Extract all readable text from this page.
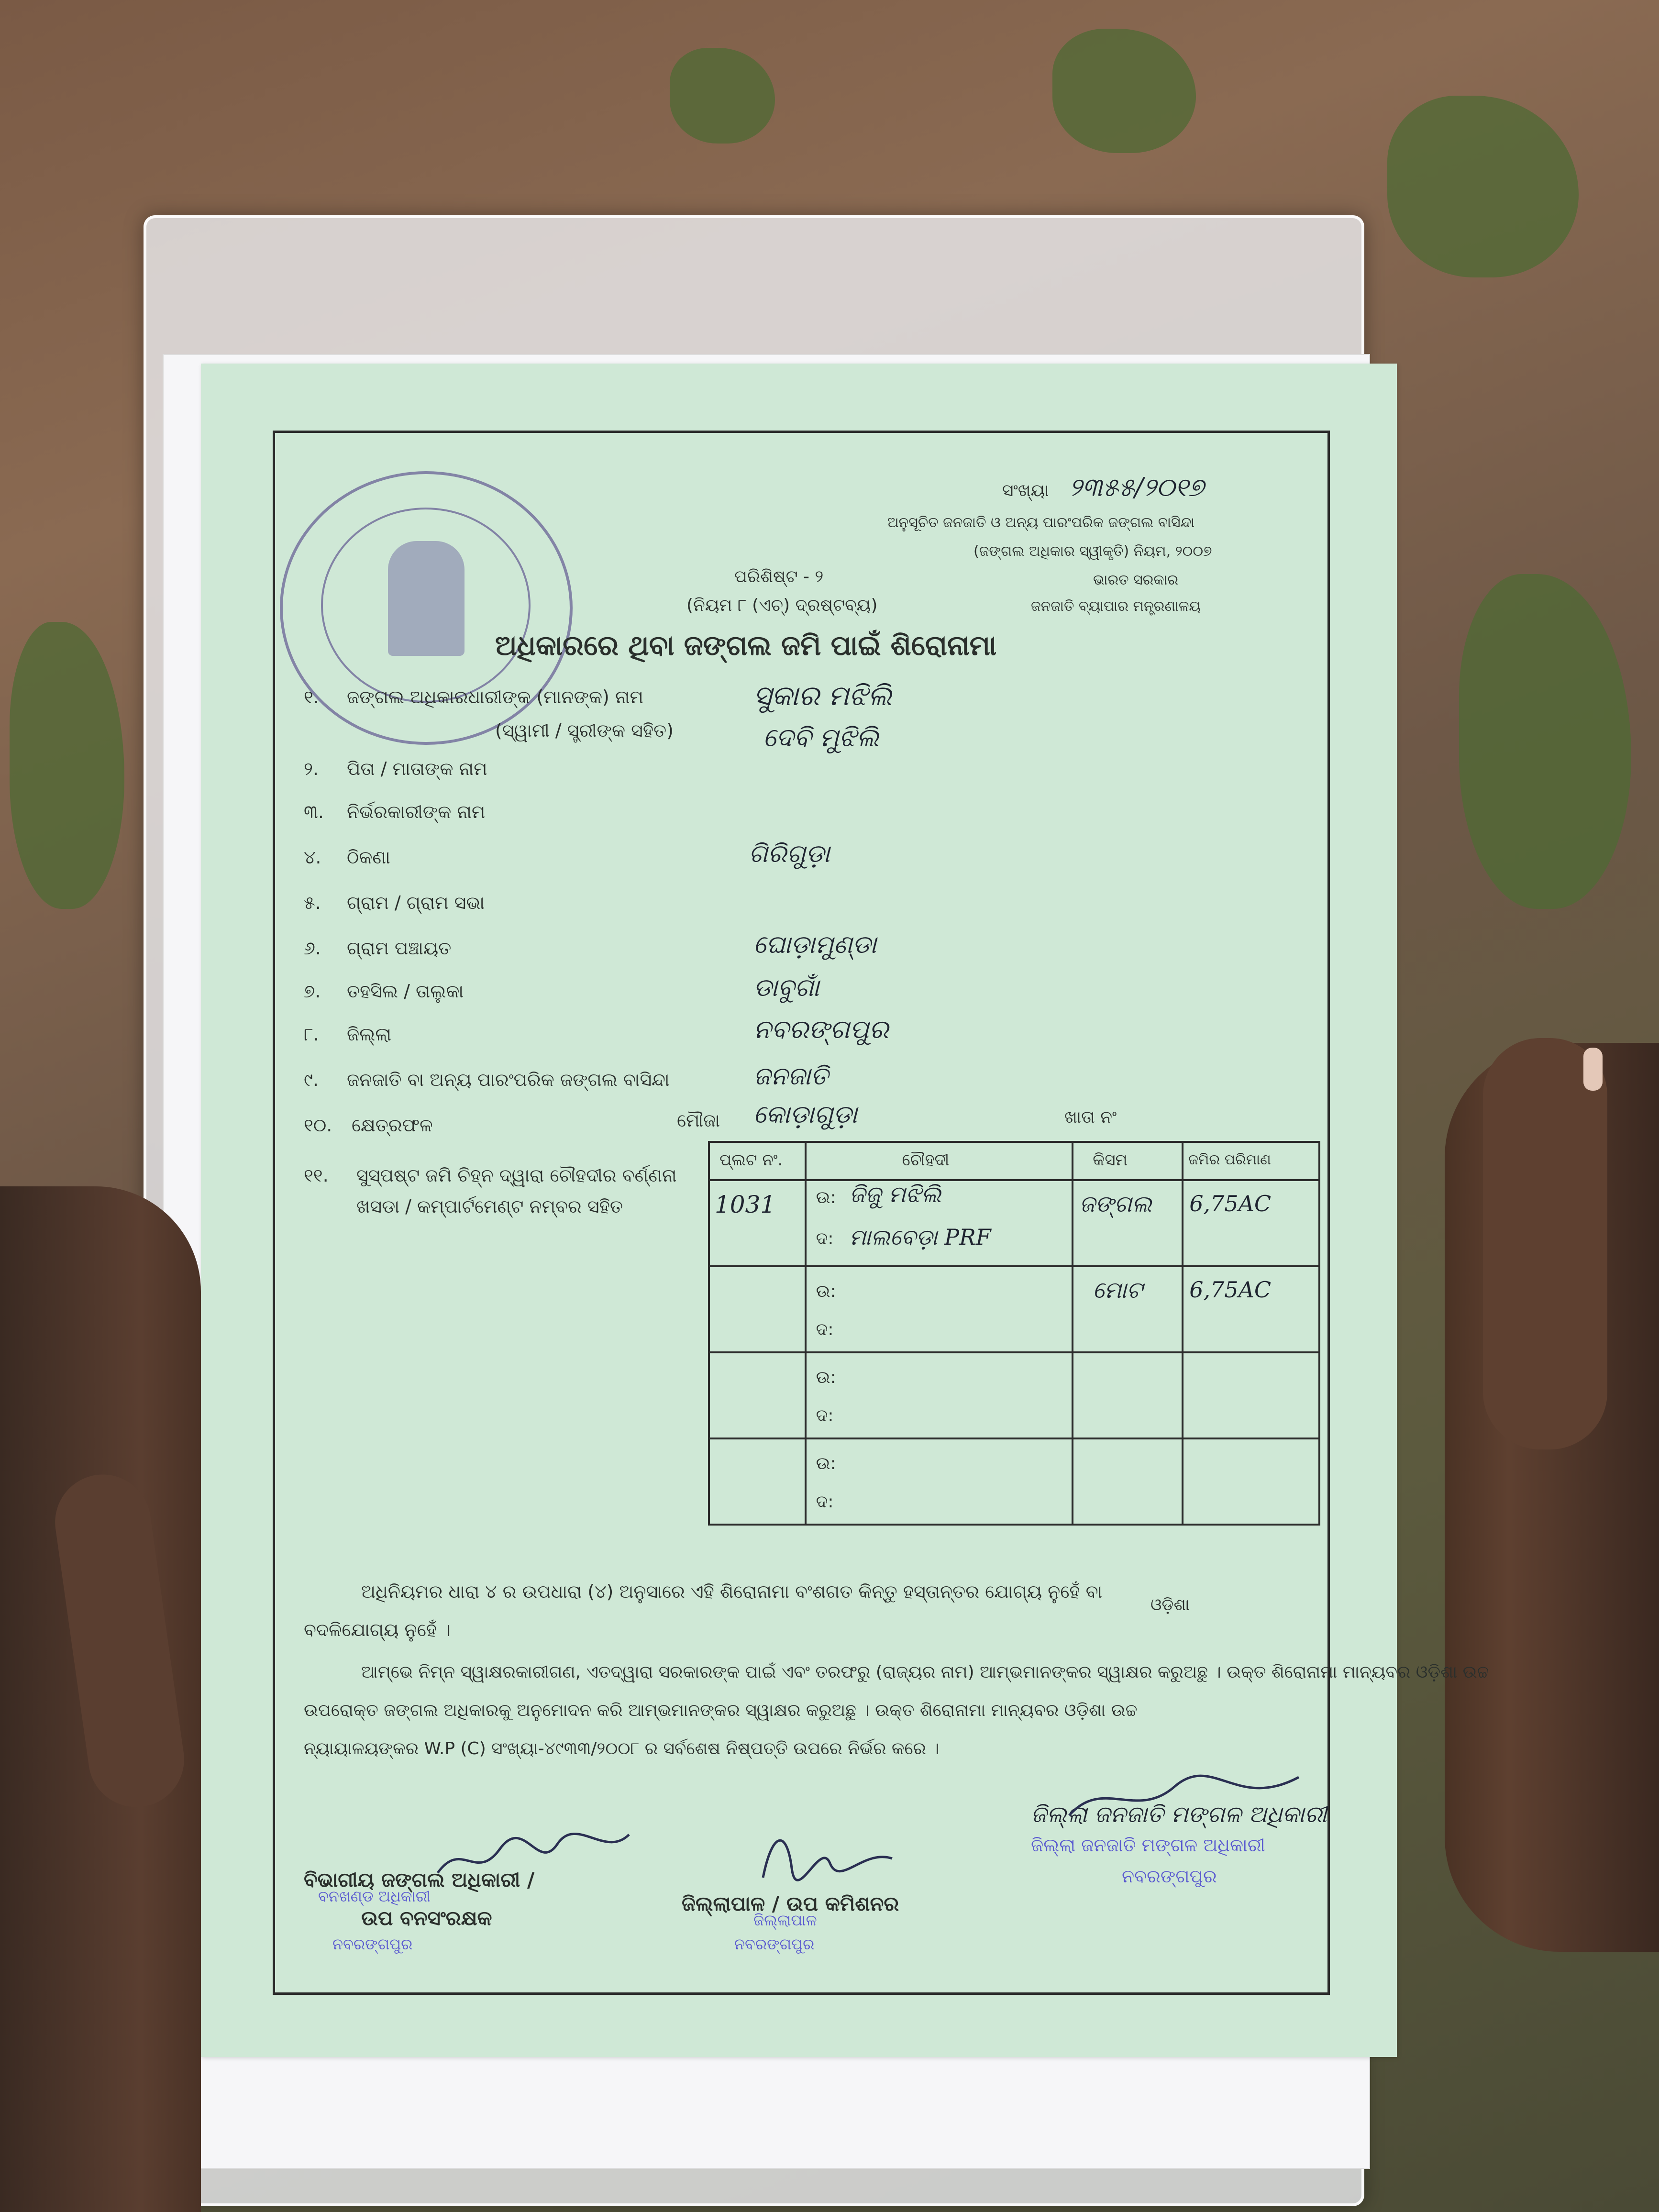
ସଂଖ୍ୟା ୨୩୫୫/୨୦୧୭
ଅନୁସୂଚିତ ଜନଜାତି ଓ ଅନ୍ୟ ପାରଂପରିକ ଜଙ୍ଗଲ ବାସିନ୍ଦା
(ଜଙ୍ଗଲ ଅଧିକାର ସ୍ୱୀକୃତି) ନିୟମ, ୨୦୦୭
ଭାରତ ସରକାର
ଜନଜାତି ବ୍ୟାପାର ମନ୍ତ୍ରଣାଳୟ
ପରିଶିଷ୍ଟ - ୨
(ନିୟମ ୮ (ଏଚ୍) ଦ୍ରଷ୍ଟବ୍ୟ)
ଅଧିକାରରେ ଥିବା ଜଙ୍ଗଲ ଜମି ପାଇଁ ଶିରୋନାମା
୧. ଜଙ୍ଗଲ ଅଧିକାରଧାରୀଙ୍କ (ମାନଙ୍କ) ନାମ
(ସ୍ୱାମୀ / ସ୍ତ୍ରୀଙ୍କ ସହିତ)
ସୁକାର ମଝିଲି
ଦେବି ମୁଝିଲି
୨. ପିତା / ମାତାଙ୍କ ନାମ
୩. ନିର୍ଭରକାରୀଙ୍କ ନାମ
୪. ଠିକଣା	ଗିରିଗୁଡ଼ା
୫. ଗ୍ରାମ / ଗ୍ରାମ ସଭା
୬. ଗ୍ରାମ ପଞ୍ଚାୟତ	ଘୋଡ଼ାମୁଣ୍ଡା
୭. ତହସିଲ / ତାଲୁକା	ଡାବୁଗାଁ
୮. ଜିଲ୍ଲା	ନବରଙ୍ଗପୁର
୯. ଜନଜାତି ବା ଅନ୍ୟ ପାରଂପରିକ ଜଙ୍ଗଲ ବାସିନ୍ଦା	ଜନଜାତି
୧୦. କ୍ଷେତ୍ରଫଳ	ମୌଜା କୋଡ଼ାଗୁଡ଼ା	ଖାତା ନଂ
୧୧. ସୁସ୍ପଷ୍ଟ ଜମି ଚିହ୍ନ ଦ୍ୱାରା ଚୌହଦୀର ବର୍ଣ୍ଣନା
ଖସଡା / କମ୍ପାର୍ଟମେଣ୍ଟ ନମ୍ବର ସହିତ
ପ୍ଲଟ ନଂ.	ଚୌହଦୀ	କିସମ	ଜମିର ପରିମାଣ

1031	ଉ: ଜିଜୁ ମଝିଲି
ଦ: ମାଲବେଡ଼ା PRF	ଜଙ୍ଗଲ	6,75AC

	ଉ:
ଦ:	ମୋଟ	6,75AC

	ଉ:
ଦ:		

	ଉ:
ଦ:		

ଅଧିନିୟମର ଧାରା ୪ ର ଉପଧାରା (୪) ଅନୁସାରେ ଏହି ଶିରୋନାମା ବଂଶଗତ କିନ୍ତୁ ହସ୍ତାନ୍ତର ଯୋଗ୍ୟ ନୁହେଁ ବା
ବଦଳିଯୋଗ୍ୟ ନୁହେଁ ।
ଓଡ଼ିଶା
ଆମ୍ଭେ ନିମ୍ନ ସ୍ୱାକ୍ଷରକାରୀଗଣ, ଏତଦ୍ୱାରା ସରକାରଙ୍କ ପାଇଁ ଏବଂ ତରଫରୁ (ରାଜ୍ୟର ନାମ) ଆମ୍ଭମାନଙ୍କର ସ୍ୱାକ୍ଷର କରୁଅଛୁ । ଉକ୍ତ ଶିରୋନାମା ମାନ୍ୟବର ଓଡ଼ିଶା ଉଚ୍ଚ
ଉପରୋକ୍ତ ଜଙ୍ଗଲ ଅଧିକାରକୁ ଅନୁମୋଦନ କରି ଆମ୍ଭମାନଙ୍କର ସ୍ୱାକ୍ଷର କରୁଅଛୁ । ଉକ୍ତ ଶିରୋନାମା ମାନ୍ୟବର ଓଡ଼ିଶା ଉଚ୍ଚ
ନ୍ୟାୟାଳୟଙ୍କର W.P (C) ସଂଖ୍ୟା-୪୯୩୩/୨୦୦୮ ର ସର୍ବଶେଷ ନିଷ୍ପତ୍ତି ଉପରେ ନିର୍ଭର କରେ ।
ଜିଲ୍ଲା ଜନଜାତି ମଙ୍ଗଳ ଅଧିକାରୀ
ଜିଲ୍ଲା ଜନଜାତି ମଙ୍ଗଳ ଅଧିକାରୀ
ନବରଙ୍ଗପୁର
ବିଭାଗୀୟ ଜଙ୍ଗଲ ଅଧିକାରୀ /
ଉପ ବନସଂରକ୍ଷକ
ବନଖଣ୍ଡ ଅଧିକାରୀ
ନବରଙ୍ଗପୁର
ଜିଲ୍ଲାପାଳ / ଉପ କମିଶନର
ଜିଲ୍ଲାପାଳ
ନବରଙ୍ଗପୁର
